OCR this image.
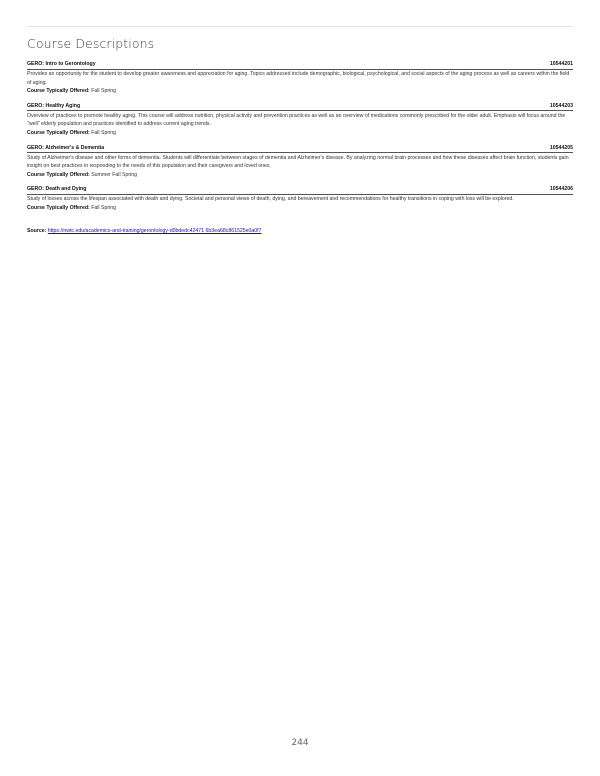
Course Descriptions
GERO: Intro to Gerontology	10544201
Provides an opportunity for the student to develop greater awareness and appreciation for aging. Topics addressed include demographic, biological, psychological, and social aspects of the aging process as well as careers within the field of aging.
Course Typically Offered: Fall Spring
GERO: Healthy Aging	10544203
Overview of practices to promote healthy aging. This course will address nutrition, physical activity and prevention practices as well as an overview of medications commonly prescribed for the older adult. Emphasis will focus around the "well" elderly population and practices identified to address current aging trends.
Course Typically Offered: Fall Spring
GERO: Alzheimer's & Dementia	10544205
Study of Alzheimer's disease and other forms of dementia. Students will differentiate between stages of dementia and Alzheimer's disease. By analyzing normal brain processes and how these diseases affect brain function, students gain insight on best practices in responding to the needs of this population and their caregivers and loved ones.
Course Typically Offered: Summer Fall Spring
GERO: Death and Dying	10544206
Study of losses across the lifespan associated with death and dying. Societal and personal views of death, dying, and bereavement and recommendations for healthy transitions in coping with loss will be explored.
Course Typically Offered: Fall Spring
Source: https://nwtc.edu/academics-and-training/gerontology-d0bdedc42471 6b3ea68c861525e0a0f7
244
